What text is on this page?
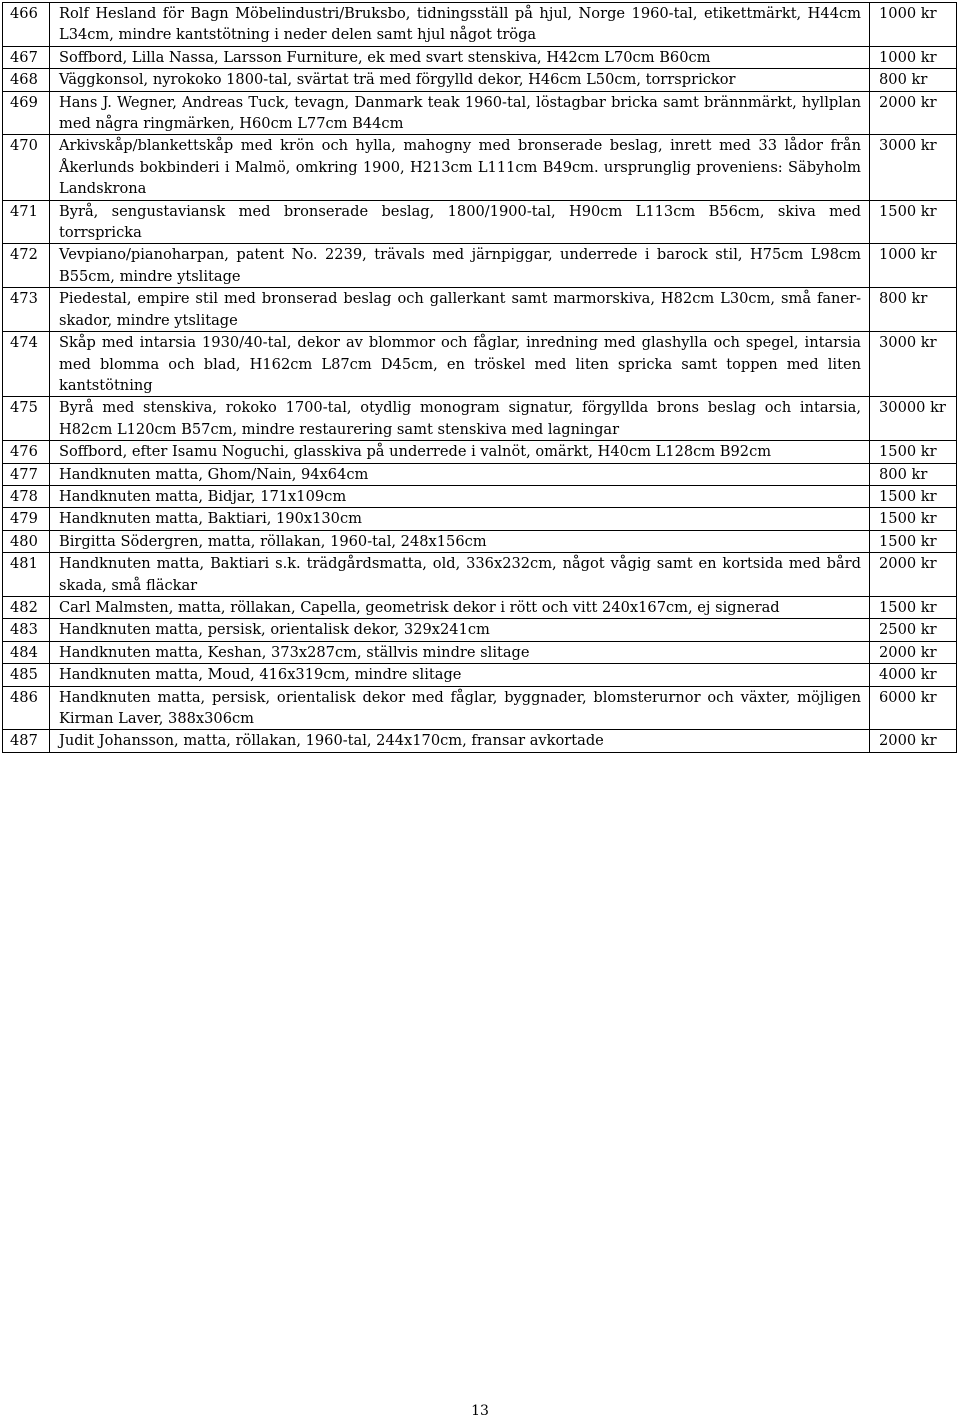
466	Rolf Hesland för Bagn Möbelindustri/Bruksbo, tidningsställ på hjul, Norge 1960-tal, etikettmärkt, H44cm L34cm, mindre kantstötning i neder delen samt hjul något tröga	1000 kr
467	Soffbord, Lilla Nassa, Larsson Furniture, ek med svart stenskiva, H42cm L70cm B60cm	1000 kr
468	Väggkonsol, nyrokoko 1800-tal, svärtat trä med förgylld dekor, H46cm L50cm, torrsprickor	800 kr
469	Hans J. Wegner, Andreas Tuck, tevagn, Danmark teak 1960-tal, löstagbar bricka samt brännmärkt, hyllplan med några ringmärken, H60cm L77cm B44cm	2000 kr
470	Arkivskåp/blankettskåp med krön och hylla, mahogny med bronserade beslag, inrett med 33 lådor från Åkerlunds bokbinderi i Malmö, omkring 1900, H213cm L111cm B49cm. ursprunglig proveniens: Säbyholm Landskrona	3000 kr
471	Byrå, sengustaviansk med bronserade beslag, 1800/1900-tal, H90cm L113cm B56cm, skiva med torrspricka	1500 kr
472	Vevpiano/pianoharpan, patent No. 2239, trävals med järnpiggar, underrede i barock stil, H75cm L98cm B55cm, mindre ytslitage	1000 kr
473	Piedestal, empire stil med bronserad beslag och gallerkant samt marmorskiva, H82cm L30cm, små fanerskador, mindre ytslitage	800 kr
474	Skåp med intarsia 1930/40-tal, dekor av blommor och fåglar, inredning med glashylla och spegel, intarsia med blomma och blad, H162cm L87cm D45cm, en tröskel med liten spricka samt toppen med liten kantstötning	3000 kr
475	Byrå med stenskiva, rokoko 1700-tal, otydlig monogram signatur, förgyllda brons beslag och intarsia, H82cm L120cm B57cm, mindre restaurering samt stenskiva med lagningar	30000 kr
476	Soffbord, efter Isamu Noguchi, glasskiva på underrede i valnöt, omärkt, H40cm L128cm B92cm	1500 kr
477	Handknuten matta, Ghom/Nain, 94x64cm	800 kr
478	Handknuten matta, Bidjar, 171x109cm	1500 kr
479	Handknuten matta, Baktiari, 190x130cm	1500 kr
480	Birgitta Södergren, matta, röllakan, 1960-tal, 248x156cm	1500 kr
481	Handknuten matta, Baktiari s.k. trädgårdsmatta, old, 336x232cm, något vågig samt en kortsida med bård skada, små fläckar	2000 kr
482	Carl Malmsten, matta, röllakan, Capella, geometrisk dekor i rött och vitt 240x167cm, ej signerad	1500 kr
483	Handknuten matta, persisk, orientalisk dekor, 329x241cm	2500 kr
484	Handknuten matta, Keshan, 373x287cm, ställvis mindre slitage	2000 kr
485	Handknuten matta, Moud, 416x319cm, mindre slitage	4000 kr
486	Handknuten matta, persisk, orientalisk dekor med fåglar, byggnader, blomsterurnor och växter, möjligen Kirman Laver, 388x306cm	6000 kr
487	Judit Johansson, matta, röllakan, 1960-tal, 244x170cm, fransar avkortade	2000 kr
13
